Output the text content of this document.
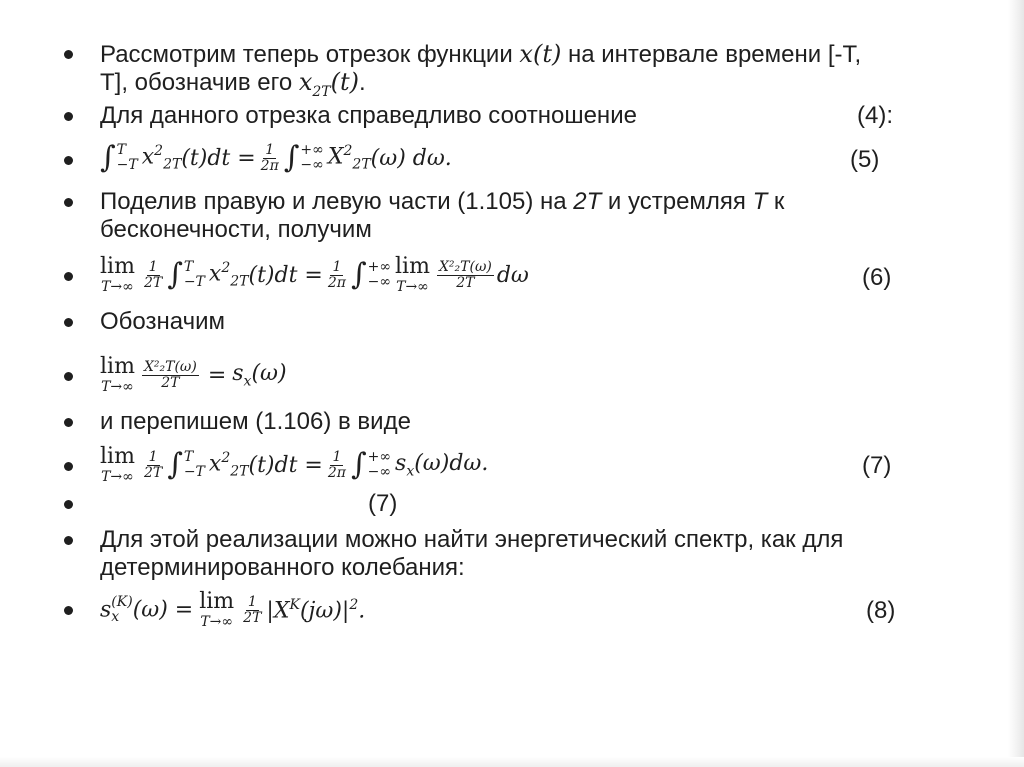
Рассмотрим теперь отрезок функции x(t) на интервале времени [-T,
T], обозначив его $x_{2T}(t)$.
Для данного отрезка справедливо соотношение	(4):
∫ T
−T $x^2_{2T}$ $(t)dt = \frac{1}{2\pi}$ ∫ +∞
−∞ $X^2_{2T}$ (ω) dω.	(5)
Поделив правую и левую части (1.105) на 2T и устремляя T к
бесконечности, получим
lim
$T\to\infty \frac{1}{2T}$ ∫ T
−T $x^2_{2T}$ $(t)dt = \frac{1}{2\pi}$ ∫ +∞
−∞
lim
$T\to\infty \frac{\text{X²₂T(ω)}}{2T}$ dω	(6)
Обозначим
lim
$T\to\infty \frac{\text{X²₂T(ω)}}{2T} = s_x(\omega)$
и перепишем (1.106) в виде
lim
$T\to\infty \frac{1}{2T}$ ∫ T
−T $x^2_{2T}$ $(t)dt = \frac{1}{2\pi}$ ∫ +∞
−∞ $s_x(\omega)d\omega$.	(7)
(7)
Для этой реализации можно найти энергетический спектр, как для
детерминированного колебания:
s (K)
x (ω) = lim
$T\to\infty \frac{1}{2T} |X^K(j\omega)|^2$.	(8)
